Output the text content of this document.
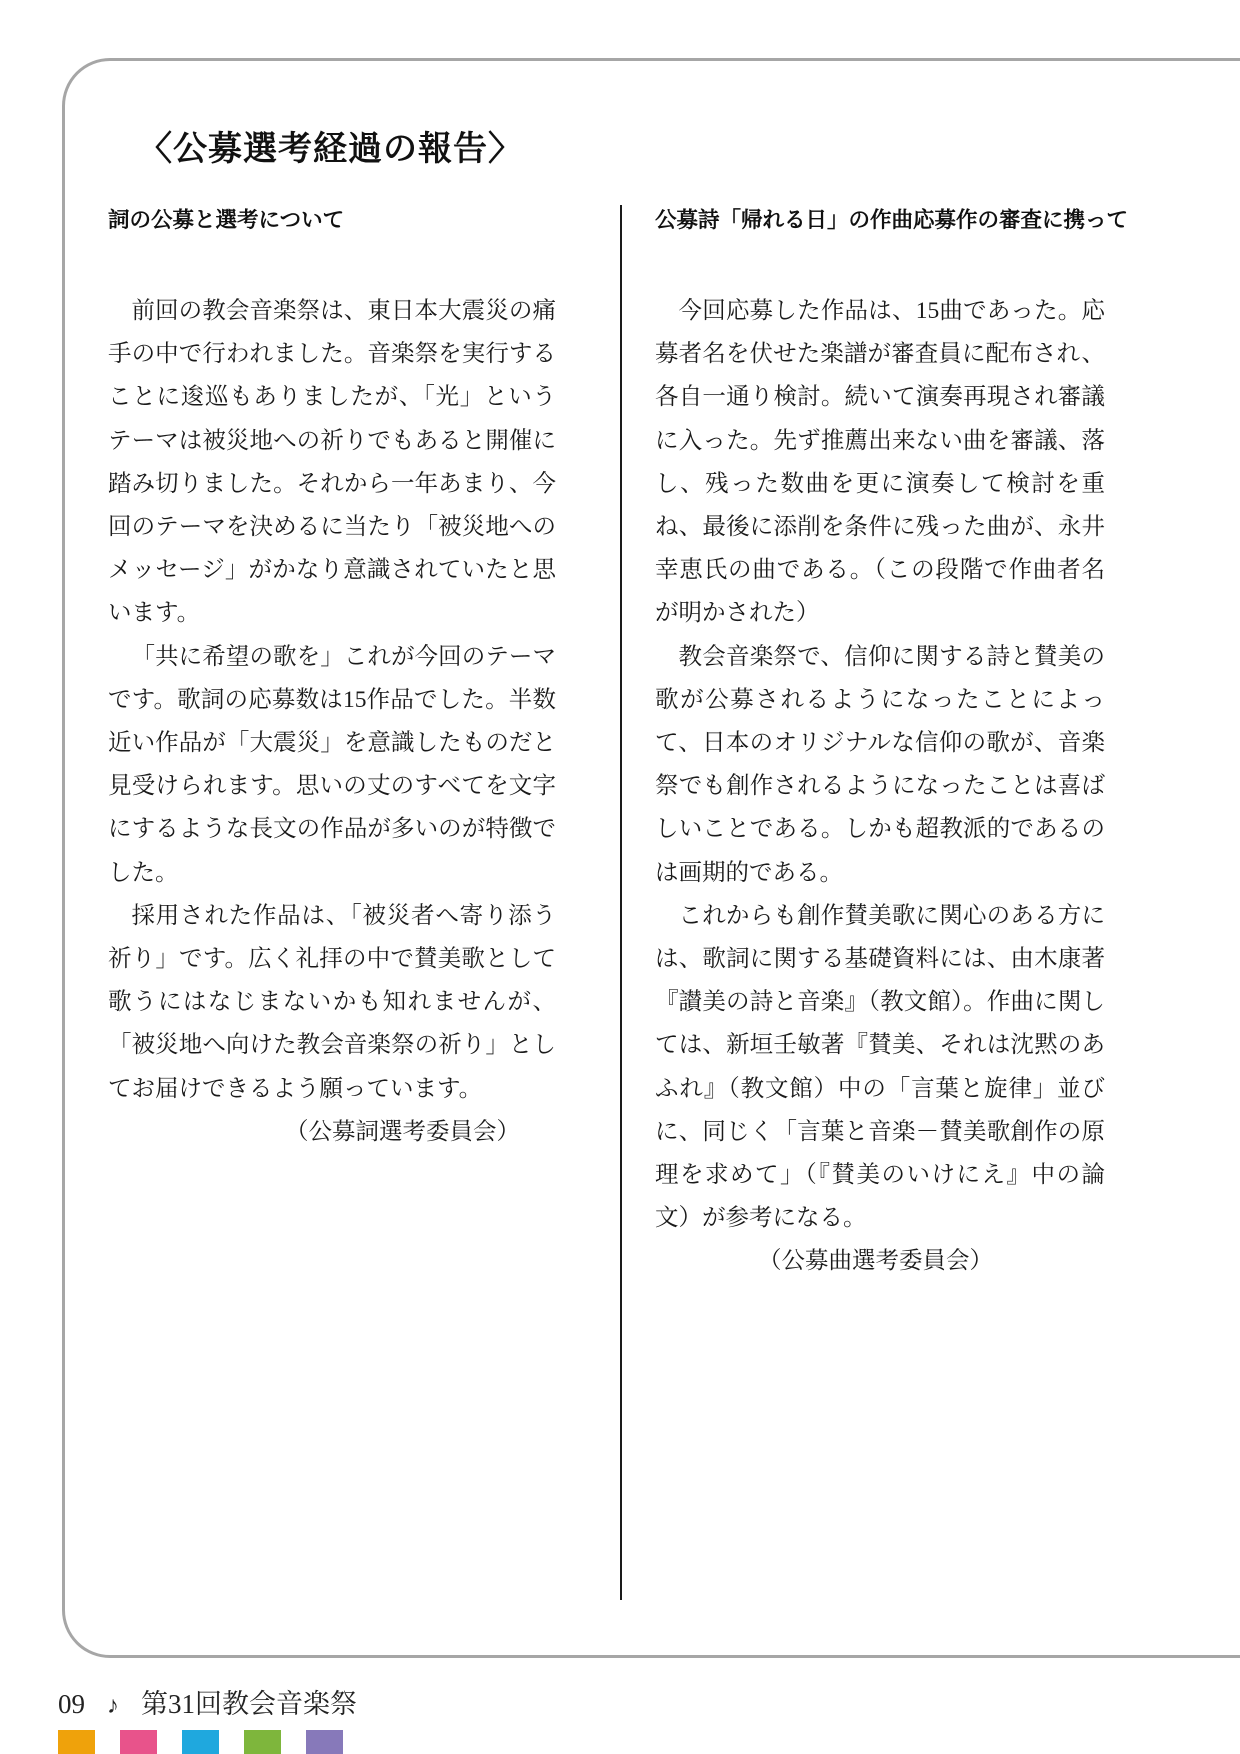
〈公募選考経過の報告〉
詞の公募と選考について

前回の教会音楽祭は、東日本大震災の痛手の中で行われました。音楽祭を実行することに逡巡もありましたが、「光」というテーマは被災地への祈りでもあると開催に踏み切りました。それから一年あまり、今回のテーマを決めるに当たり「被災地へのメッセージ」がかなり意識されていたと思います。

「共に希望の歌を」これが今回のテーマです。歌詞の応募数は15作品でした。半数近い作品が「大震災」を意識したものだと見受けられます。思いの丈のすべてを文字にするような長文の作品が多いのが特徴でした。

採用された作品は、「被災者へ寄り添う祈り」です。広く礼拝の中で賛美歌として歌うにはなじまないかも知れませんが、「被災地へ向けた教会音楽祭の祈り」としてお届けできるよう願っています。

（公募詞選考委員会）

公募詩「帰れる日」の作曲応募作の審査に携って

今回応募した作品は、15曲であった。応募者名を伏せた楽譜が審査員に配布され、各自一通り検討。続いて演奏再現され審議に入った。先ず推薦出来ない曲を審議、落し、残った数曲を更に演奏して検討を重ね、最後に添削を条件に残った曲が、永井幸恵氏の曲である。（この段階で作曲者名が明かされた）

教会音楽祭で、信仰に関する詩と賛美の歌が公募されるようになったことによって、日本のオリジナルな信仰の歌が、音楽祭でも創作されるようになったことは喜ばしいことである。しかも超教派的であるのは画期的である。

これからも創作賛美歌に関心のある方には、歌詞に関する基礎資料には、由木康著『讃美の詩と音楽』（教文館）。作曲に関しては、新垣壬敏著『賛美、それは沈黙のあふれ』（教文館）中の「言葉と旋律」並びに、同じく「言葉と音楽－賛美歌創作の原理を求めて」（『賛美のいけにえ』中の論文）が参考になる。

（公募曲選考委員会）

09 ♪ 第31回教会音楽祭
